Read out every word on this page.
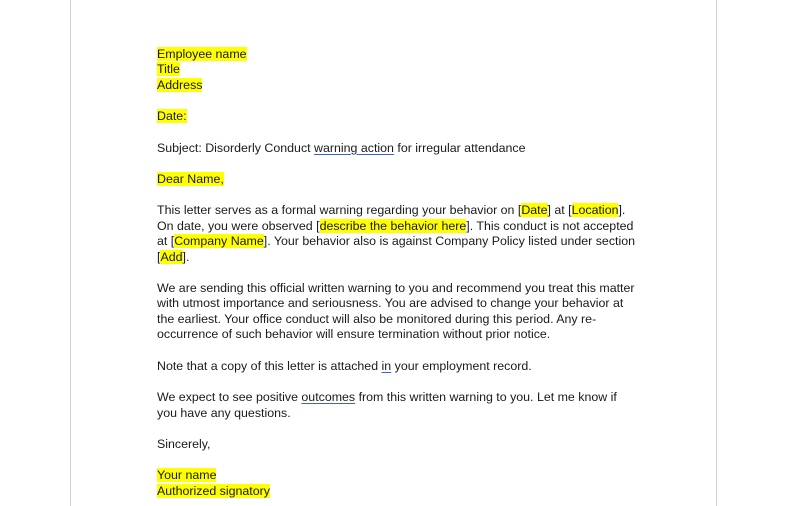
Employee name
Title
Address
Date:
Subject: Disorderly Conduct warning action for irregular attendance
Dear Name,
This letter serves as a formal warning regarding your behavior on [Date] at [Location].
On date, you were observed [describe the behavior here]. This conduct is not accepted
at [Company Name]. Your behavior also is against Company Policy listed under section
[Add].
We are sending this official written warning to you and recommend you treat this matter
with utmost importance and seriousness. You are advised to change your behavior at
the earliest. Your office conduct will also be monitored during this period. Any re-
occurrence of such behavior will ensure termination without prior notice.
Note that a copy of this letter is attached in your employment record.
We expect to see positive outcomes from this written warning to you. Let me know if
you have any questions.
Sincerely,
Your name
Authorized signatory
